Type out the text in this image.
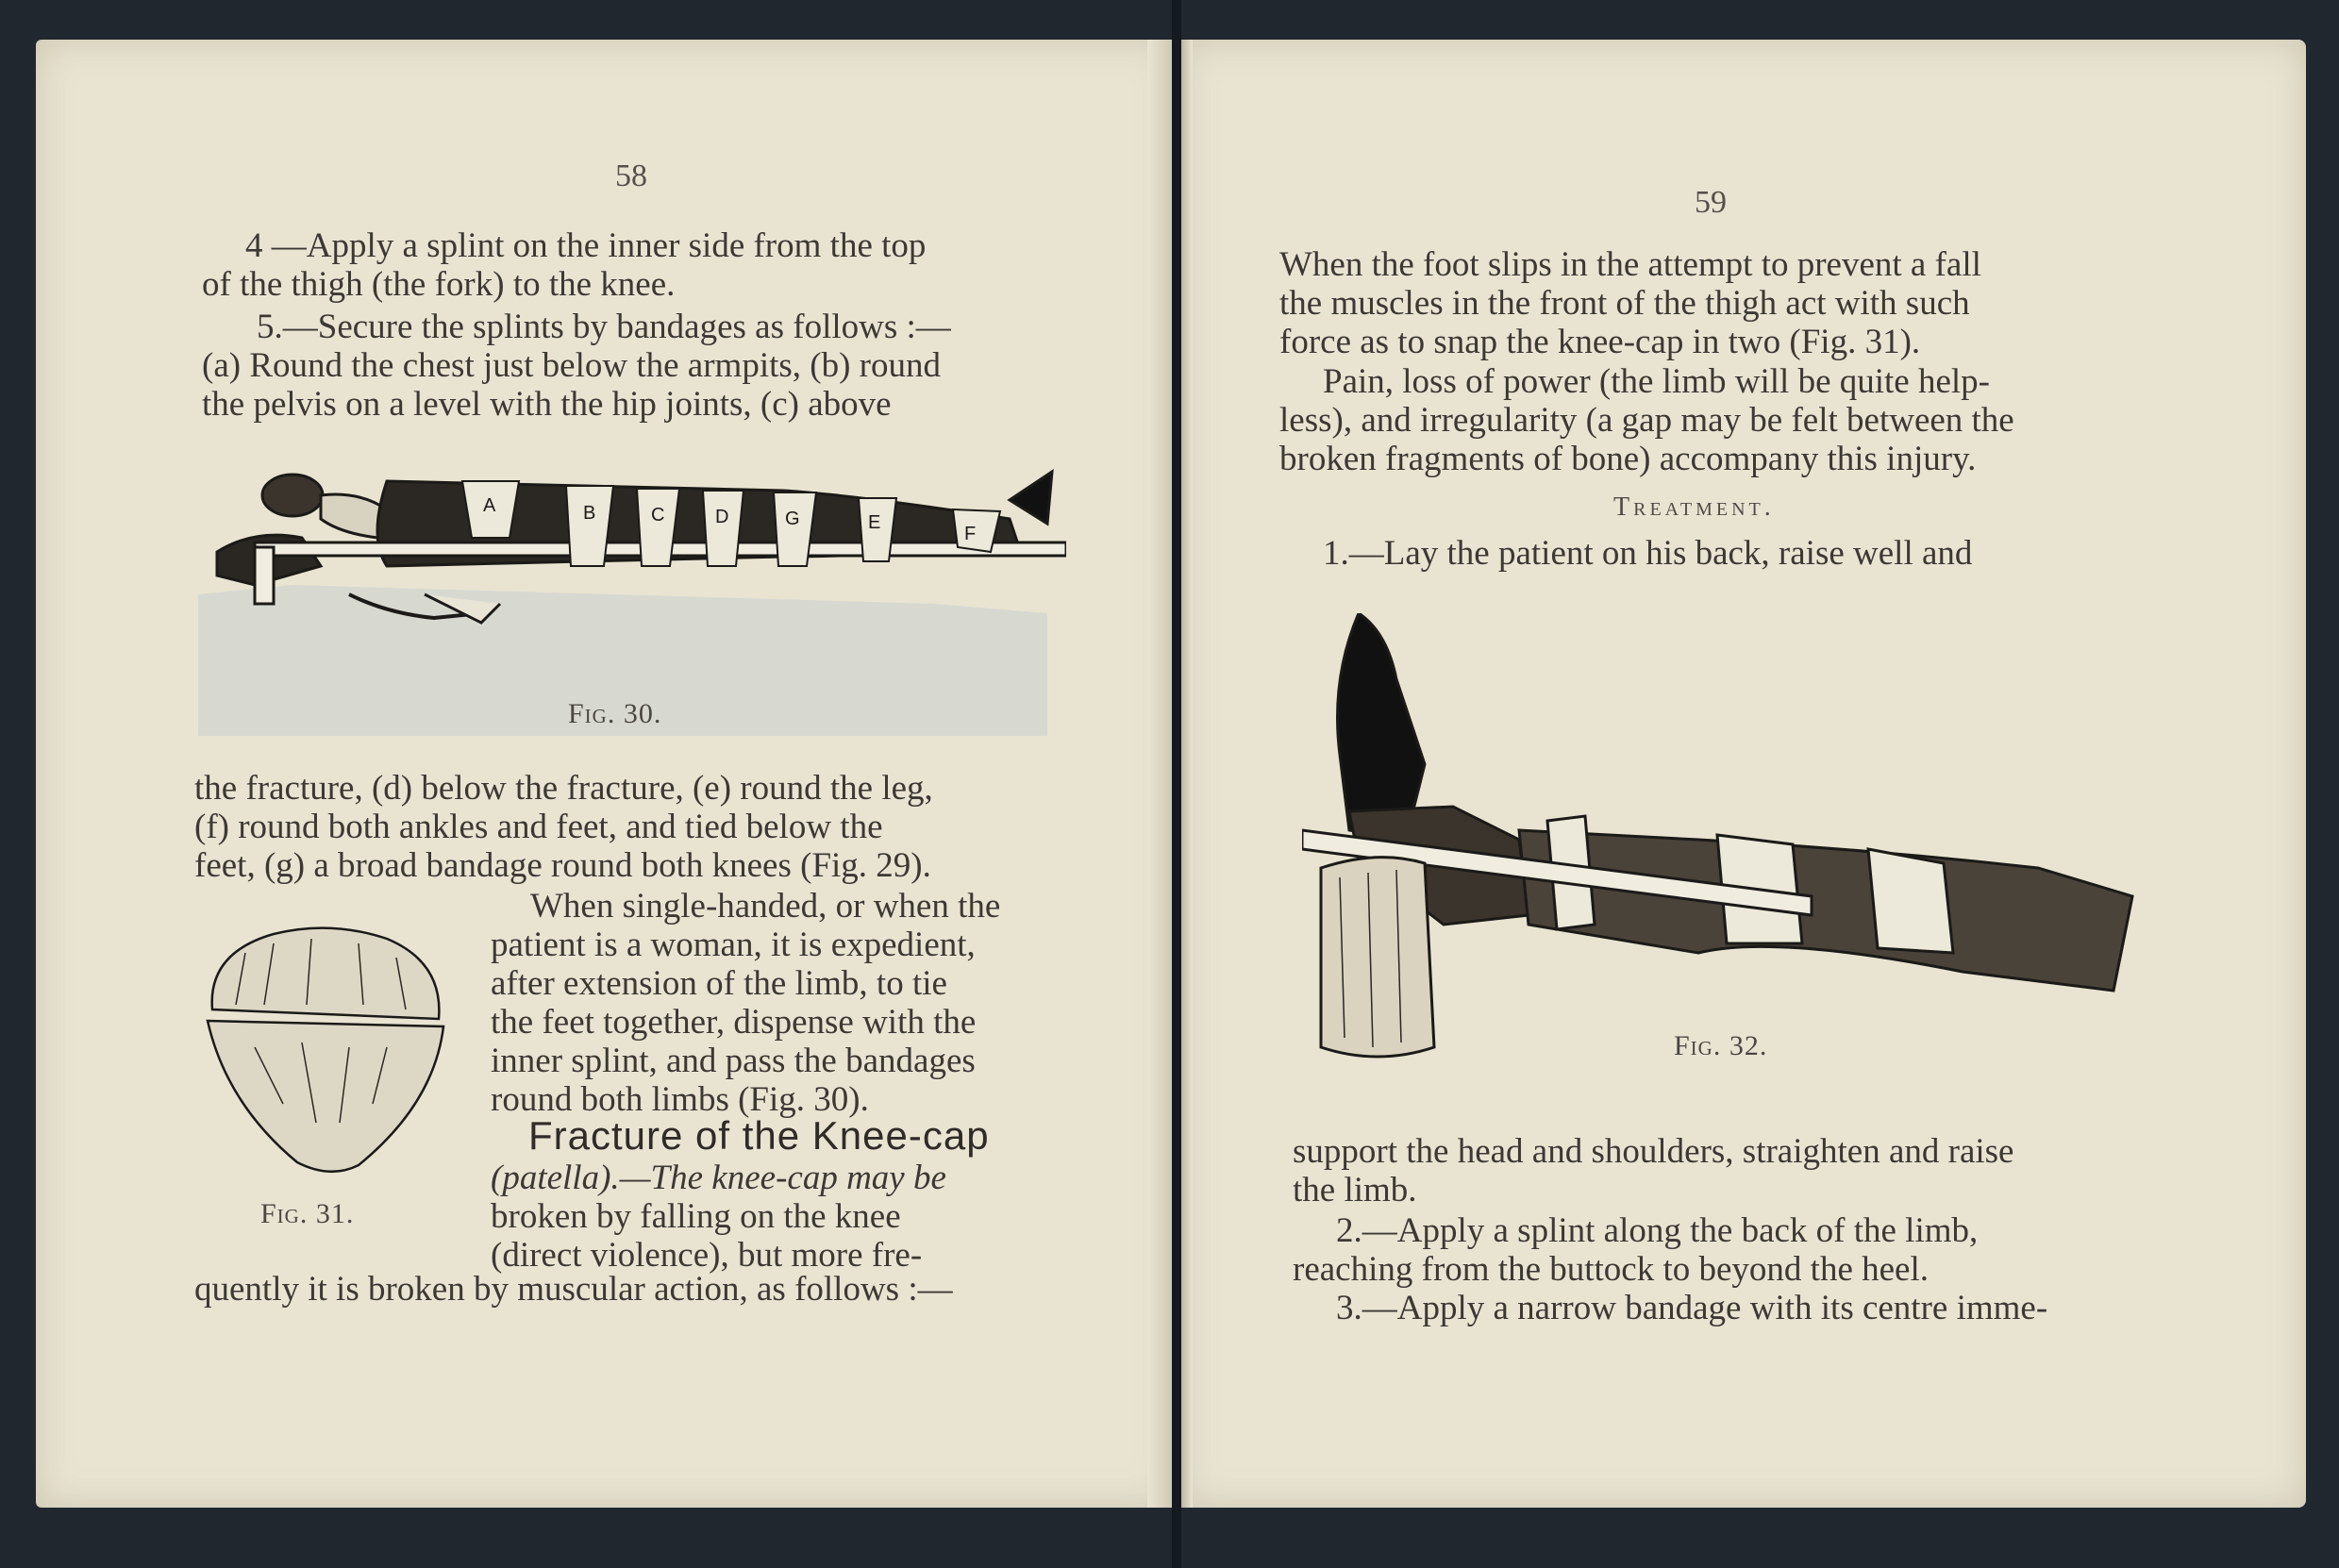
58
4 —Apply a splint on the inner side from the top
of the thigh (the fork) to the knee.
5.—Secure the splints by bandages as follows :—
(a) Round the chest just below the armpits, (b) round
the pelvis on a level with the hip joints, (c) above
A	B	C	D	G	E
F
Fig. 30.
the fracture, (d) below the fracture, (e) round the leg,
(f) round both ankles and feet, and tied below the
feet, (g) a broad bandage round both knees (Fig. 29).
When single-handed, or when the
patient is a woman, it is expedient,
after extension of the limb, to tie
the feet together, dispense with the
inner splint, and pass the bandages
round both limbs (Fig. 30).
Fracture of the Knee-cap
(patella).—The knee-cap may be
broken by falling on the knee
(direct violence), but more fre-
Fig. 31.
quently it is broken by muscular action, as follows :—
59
When the foot slips in the attempt to prevent a fall
the muscles in the front of the thigh act with such
force as to snap the knee-cap in two (Fig. 31).
Pain, loss of power (the limb will be quite help-
less), and irregularity (a gap may be felt between the
broken fragments of bone) accompany this injury.
Treatment.
1.—Lay the patient on his back, raise well and
Fig. 32.
support the head and shoulders, straighten and raise
the limb.
2.—Apply a splint along the back of the limb,
reaching from the buttock to beyond the heel.
3.—Apply a narrow bandage with its centre imme-
